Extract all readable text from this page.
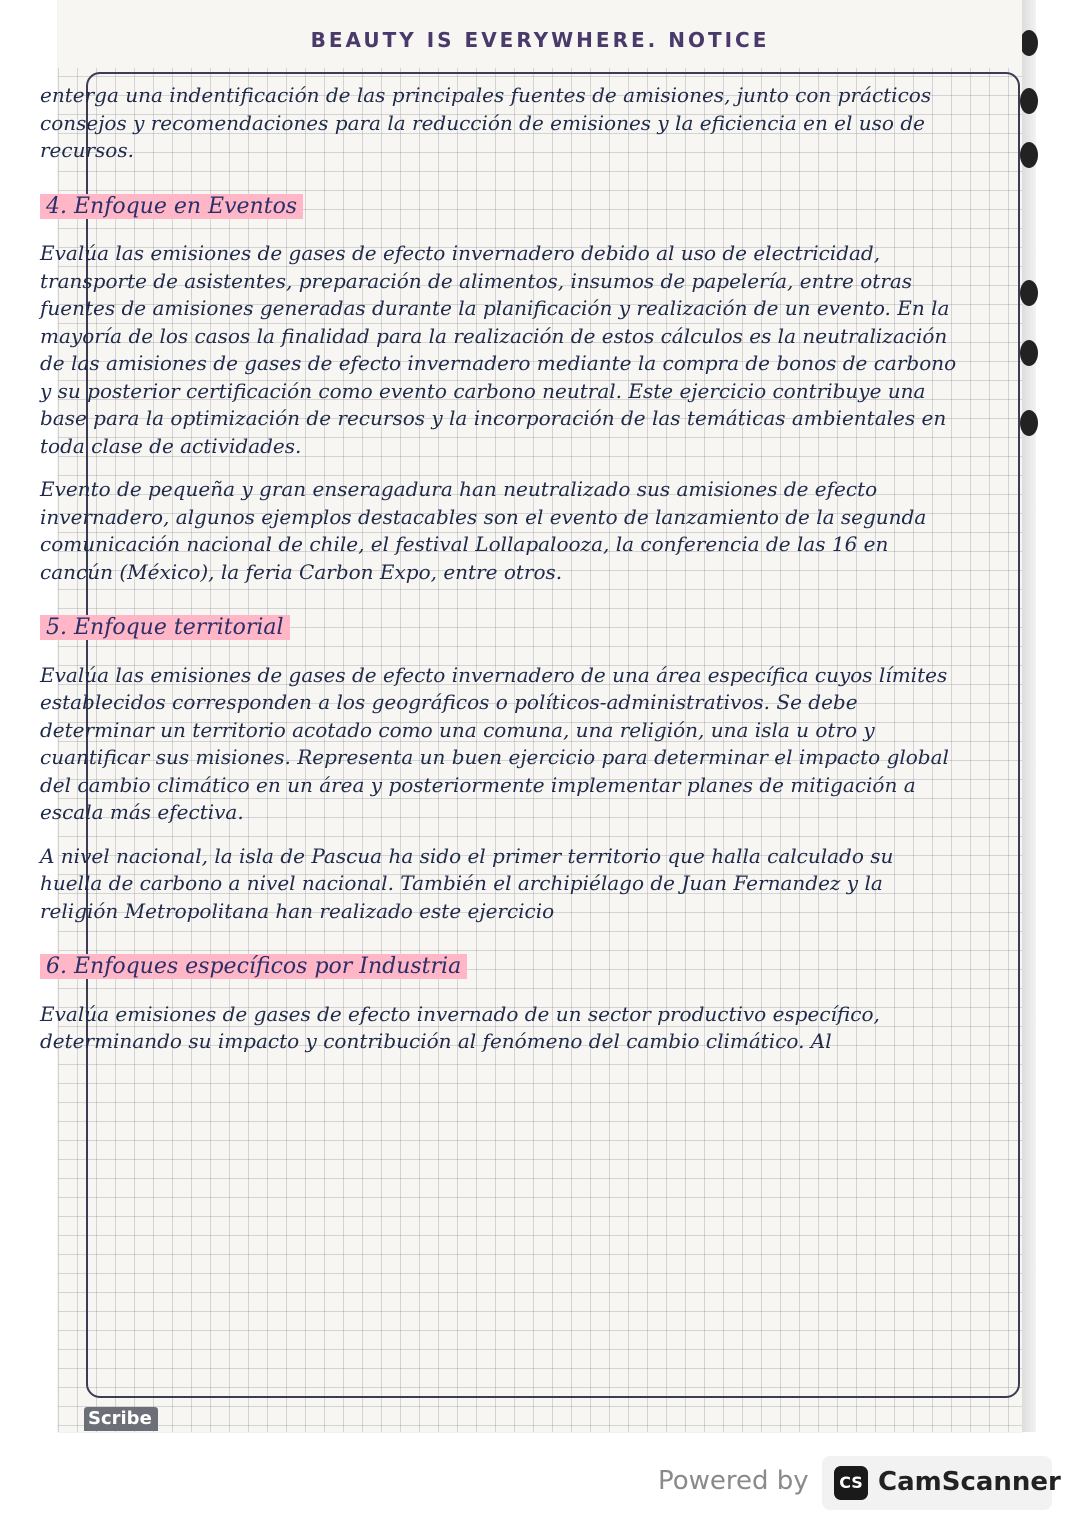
BEAUTY IS EVERYWHERE. NOTICE

enterga una indentificación de las principales fuentes de amisiones, junto con prácticos consejos y recomendaciones para la reducción de emisiones y la eficiencia en el uso de recursos.

4. Enfoque en Eventos

Evalúa las emisiones de gases de efecto invernadero debido al uso de electricidad, transporte de asistentes, preparación de alimentos, insumos de papelería, entre otras fuentes de amisiones generadas durante la planificación y realización de un evento. En la mayoría de los casos la finalidad para la realización de estos cálculos es la neutralización de las amisiones de gases de efecto invernadero mediante la compra de bonos de carbono y su posterior certificación como evento carbono neutral. Este ejercicio contribuye una base para la optimización de recursos y la incorporación de las temáticas ambientales en toda clase de actividades.

Evento de pequeña y gran enseragadura han neutralizado sus amisiones de efecto invernadero, algunos ejemplos destacables son el evento de lanzamiento de la segunda comunicación nacional de chile, el festival Lollapalooza, la conferencia de las 16 en cancún (México), la feria Carbon Expo, entre otros.

5. Enfoque territorial

Evalúa las emisiones de gases de efecto invernadero de una área específica cuyos límites establecidos corresponden a los geográficos o políticos-administrativos. Se debe determinar un territorio acotado como una comuna, una religión, una isla u otro y cuantificar sus misiones. Representa un buen ejercicio para determinar el impacto global del cambio climático en un área y posteriormente implementar planes de mitigación a escala más efectiva.

A nivel nacional, la isla de Pascua ha sido el primer territorio que halla calculado su huella de carbono a nivel nacional. También el archipiélago de Juan Fernandez y la religión Metropolitana han realizado este ejercicio

6. Enfoques específicos por Industria

Evalúa emisiones de gases de efecto invernado de un sector productivo específico, determinando su impacto y contribución al fenómeno del cambio climático. Al

Scribe
Powered by	CS CamScanner
